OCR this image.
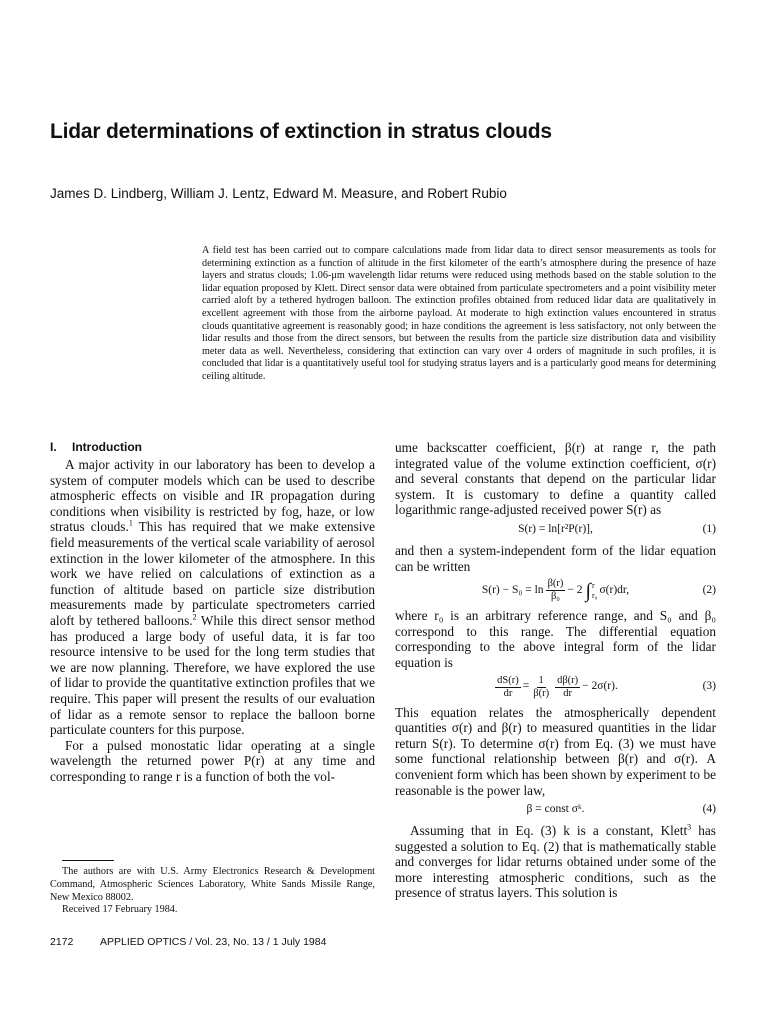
Lidar determinations of extinction in stratus clouds
James D. Lindberg, William J. Lentz, Edward M. Measure, and Robert Rubio

A field test has been carried out to compare calculations made from lidar data to direct sensor measurements as tools for determining extinction as a function of altitude in the first kilometer of the earth’s atmosphere during the presence of haze layers and stratus clouds; 1.06-μm wavelength lidar returns were reduced using methods based on the stable solution to the lidar equation proposed by Klett. Direct sensor data were obtained from particulate spectrometers and a point visibility meter carried aloft by a tethered hydrogen balloon. The extinction profiles obtained from reduced lidar data are qualitatively in excellent agreement with those from the airborne payload. At moderate to high extinction values encountered in stratus clouds quantitative agreement is reasonably good; in haze conditions the agreement is less satisfactory, not only between the lidar results and those from the direct sensors, but between the results from the particle size distribution data and visibility meter data as well. Nevertheless, considering that extinction can vary over 4 orders of magnitude in such profiles, it is concluded that lidar is a quantitatively useful tool for studying stratus layers and is a particularly good means for determining ceiling altitude.

I. Introduction

A major activity in our laboratory has been to develop a system of computer models which can be used to describe atmospheric effects on visible and IR propagation during conditions when visibility is restricted by fog, haze, or low stratus clouds.$^1$ This has required that we make extensive field measurements of the vertical scale variability of aerosol extinction in the lower kilometer of the atmosphere. In this work we have relied on calculations of extinction as a function of altitude based on particle size distribution measurements made by particulate spectrometers carried aloft by tethered balloons.$^2$ While this direct sensor method has produced a large body of useful data, it is far too resource intensive to be used for the long term studies that we are now planning. Therefore, we have explored the use of lidar to provide the quantitative extinction profiles that we require. This paper will present the results of our evaluation of lidar as a remote sensor to replace the balloon borne particulate counters for this purpose.

For a pulsed monostatic lidar operating at a single wavelength the returned power P(r) at any time and corresponding to range r is a function of both the vol-

ume backscatter coefficient, β(r) at range r, the path integrated value of the volume extinction coefficient, σ(r) and several constants that depend on the particular lidar system. It is customary to define a quantity called logarithmic range-adjusted received power S(r) as

S(r) = ln[r²P(r)],	(1)

and then a system-independent form of the lidar equation can be written

$S(r) - S_0 = \ln \frac{\beta(r)}{\text{β₀}} - 2$ ∫ r
r₀ σ(r)dr,	(2)

where r₀ is an arbitrary reference range, and S₀ and β₀ correspond to this range. The differential equation corresponding to the above integral form of the lidar equation is

$\frac{dS(r)}{dr} = \frac{1}{\beta(r)} \frac{d\beta(r)}{dr} - 2\sigma(r)$.	(3)

This equation relates the atmospherically dependent quantities σ(r) and β(r) to measured quantities in the lidar return S(r). To determine σ(r) from Eq. (3) we must have some functional relationship between β(r) and σ(r). A convenient form which has been shown by experiment to be reasonable is the power law,

β = const σᵏ.	(4)

Assuming that in Eq. (3) k is a constant, Klett$^3$ has suggested a solution to Eq. (2) that is mathematically stable and converges for lidar returns obtained under some of the more interesting atmospheric conditions, such as the presence of stratus layers. This solution is

The authors are with U.S. Army Electronics Research & Development Command, Atmospheric Sciences Laboratory, White Sands Missile Range, New Mexico 88002.

Received 17 February 1984.

2172	APPLIED OPTICS / Vol. 23, No. 13 / 1 July 1984
